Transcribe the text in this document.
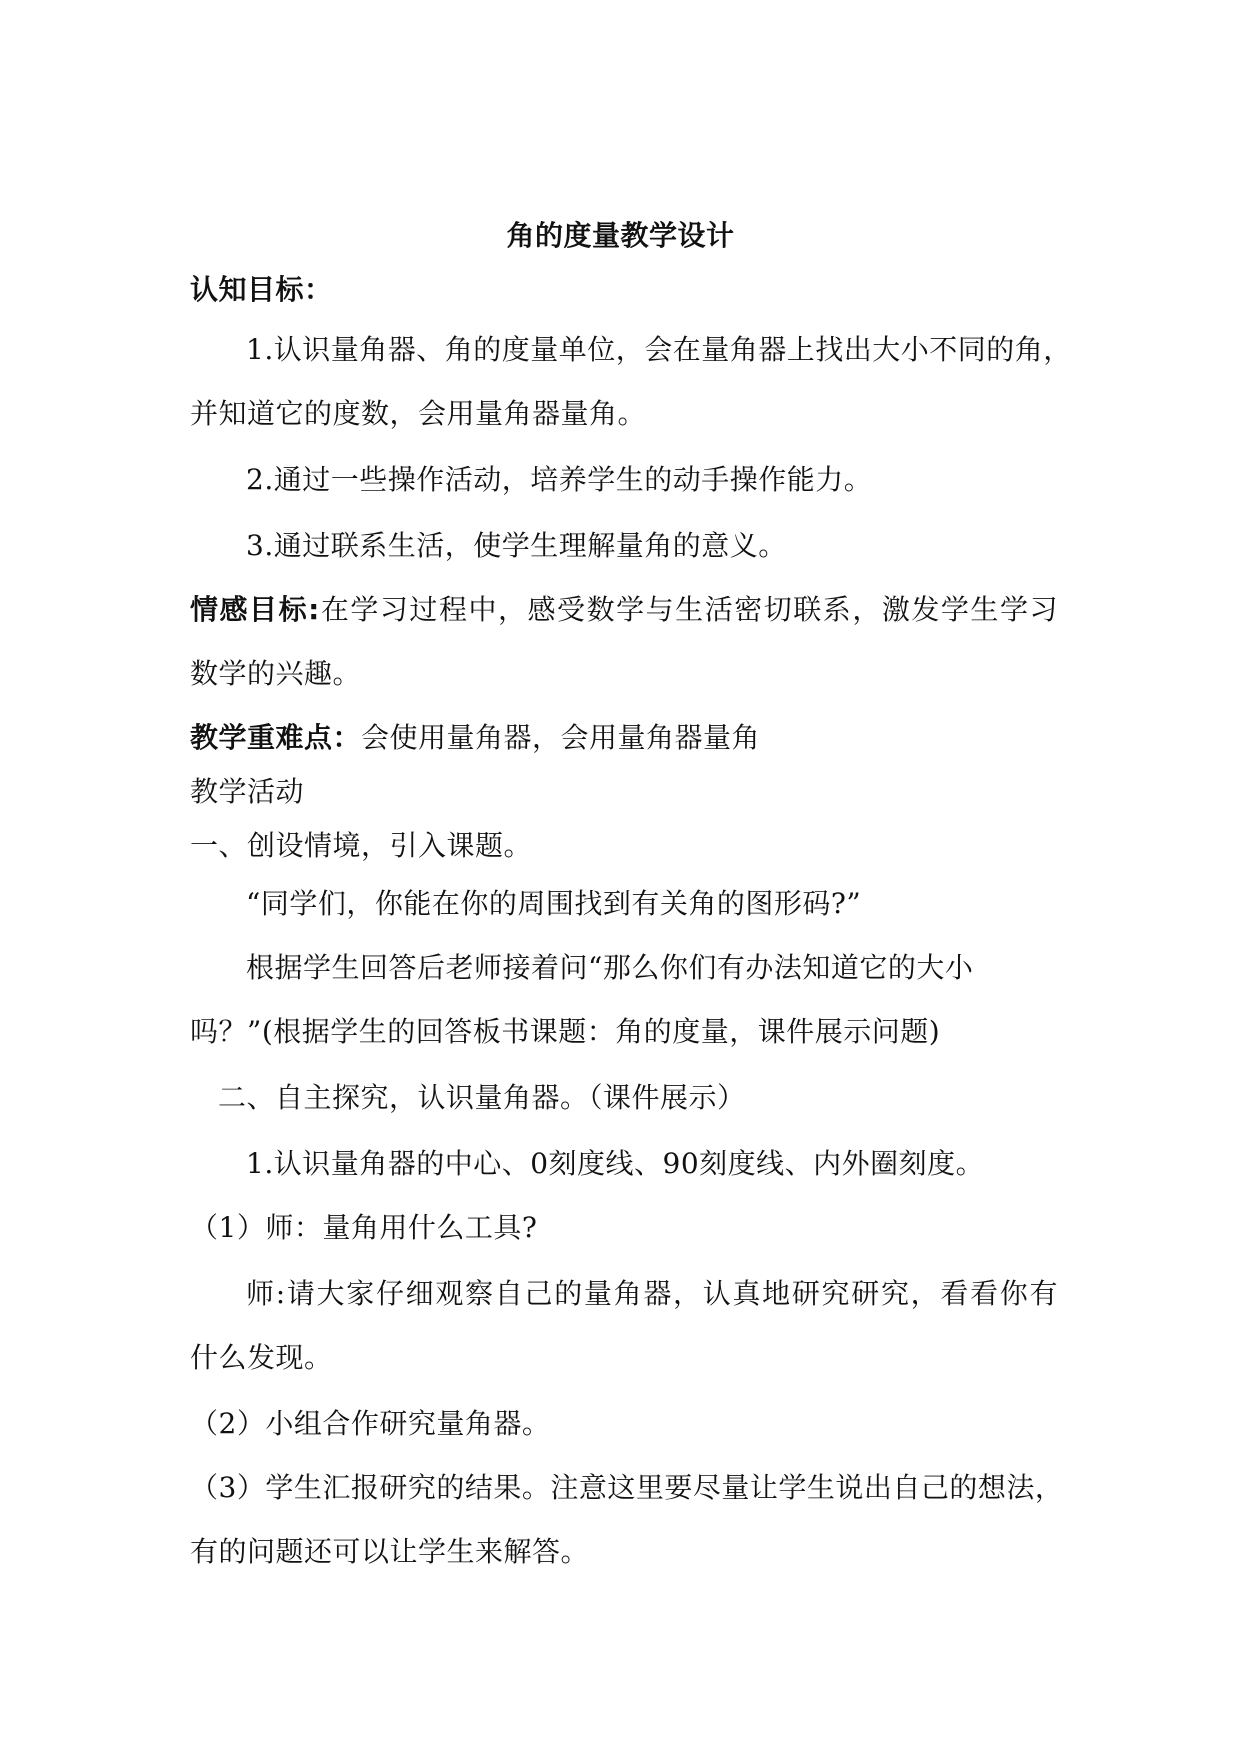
角的度量教学设计
认知目标：
1.认识量角器、角的度量单位，会在量角器上找出大小不同的角，
并知道它的度数，会用量角器量角。
2.通过一些操作活动，培养学生的动手操作能力。
3.通过联系生活，使学生理解量角的意义。
情感目标:在学习过程中，感受数学与生活密切联系，激发学生学习
数学的兴趣。
教学重难点：会使用量角器，会用量角器量角
教学活动
一、创设情境，引入课题。
“同学们，你能在你的周围找到有关角的图形码?”
根据学生回答后老师接着问“那么你们有办法知道它的大小
吗？”(根据学生的回答板书课题：角的度量，课件展示问题)
二、自主探究，认识量角器。（课件展示）
1.认识量角器的中心、0刻度线、90刻度线、内外圈刻度。
（1）师：量角用什么工具?
师:请大家仔细观察自己的量角器，认真地研究研究，看看你有
什么发现。
（2）小组合作研究量角器。
（3）学生汇报研究的结果。注意这里要尽量让学生说出自己的想法，
有的问题还可以让学生来解答。
